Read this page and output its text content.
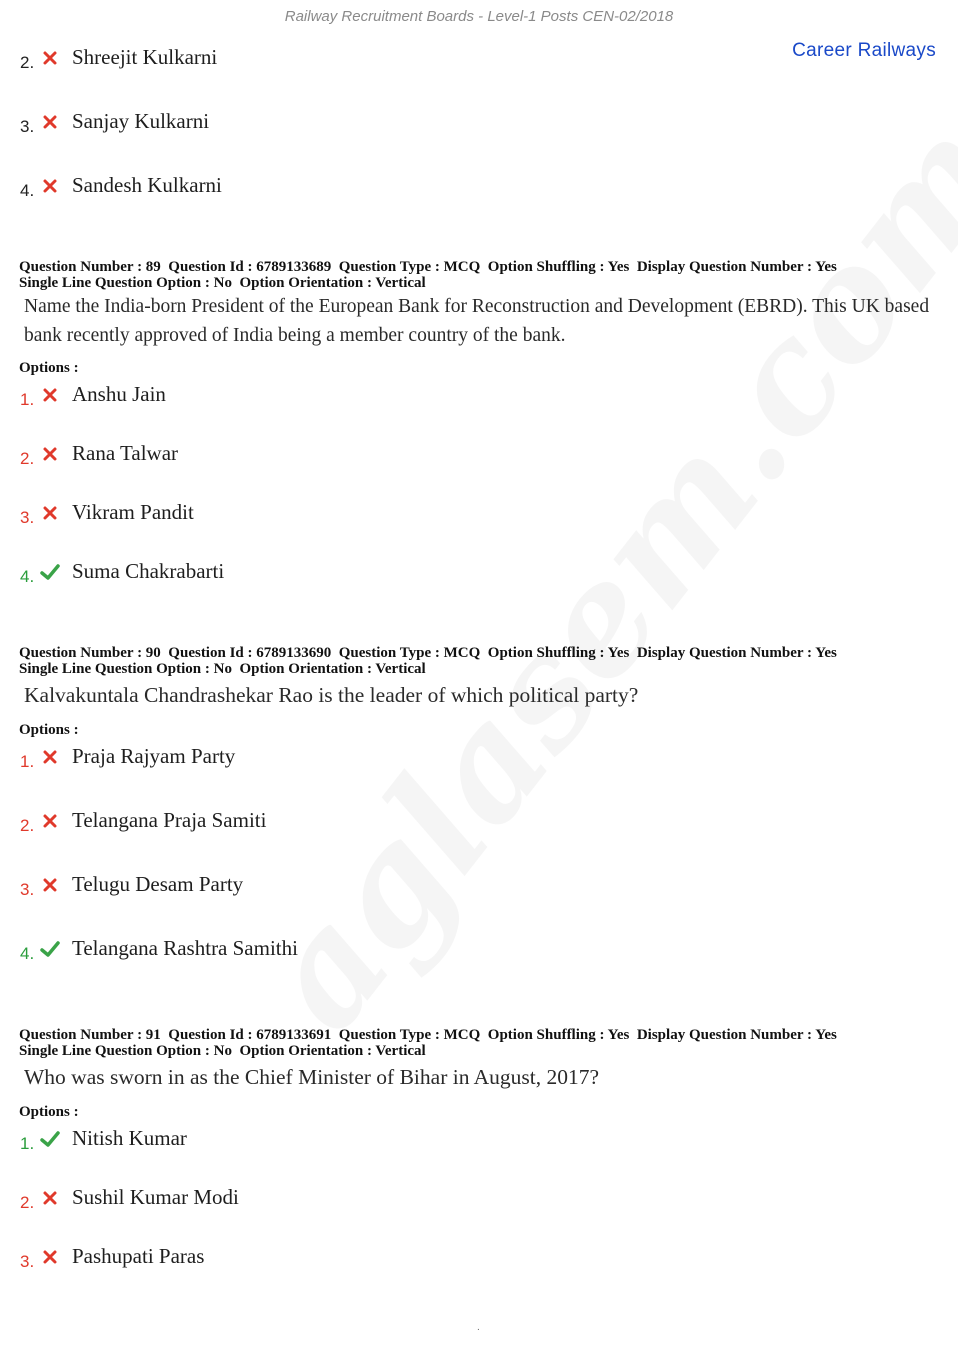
Railway Recruitment Boards - Level-1 Posts CEN-02/2018
Career Railways
2. Shreejit Kulkarni
3. Sanjay Kulkarni
4. Sandesh Kulkarni
Question Number : 89  Question Id : 6789133689  Question Type : MCQ  Option Shuffling : Yes  Display Question Number : Yes
Single Line Question Option : No  Option Orientation : Vertical
Name the India-born President of the European Bank for Reconstruction and Development (EBRD). This UK based bank recently approved of India being a member country of the bank.
Options :
1. Anshu Jain
2. Rana Talwar
3. Vikram Pandit
4. Suma Chakrabarti
Question Number : 90  Question Id : 6789133690  Question Type : MCQ  Option Shuffling : Yes  Display Question Number : Yes
Single Line Question Option : No  Option Orientation : Vertical
Kalvakuntala Chandrashekar Rao is the leader of which political party?
Options :
1. Praja Rajyam Party
2. Telangana Praja Samiti
3. Telugu Desam Party
4. Telangana Rashtra Samithi
Question Number : 91  Question Id : 6789133691  Question Type : MCQ  Option Shuffling : Yes  Display Question Number : Yes
Single Line Question Option : No  Option Orientation : Vertical
Who was sworn in as the Chief Minister of Bihar in August, 2017?
Options :
1. Nitish Kumar
2. Sushil Kumar Modi
3. Pashupati Paras
.
